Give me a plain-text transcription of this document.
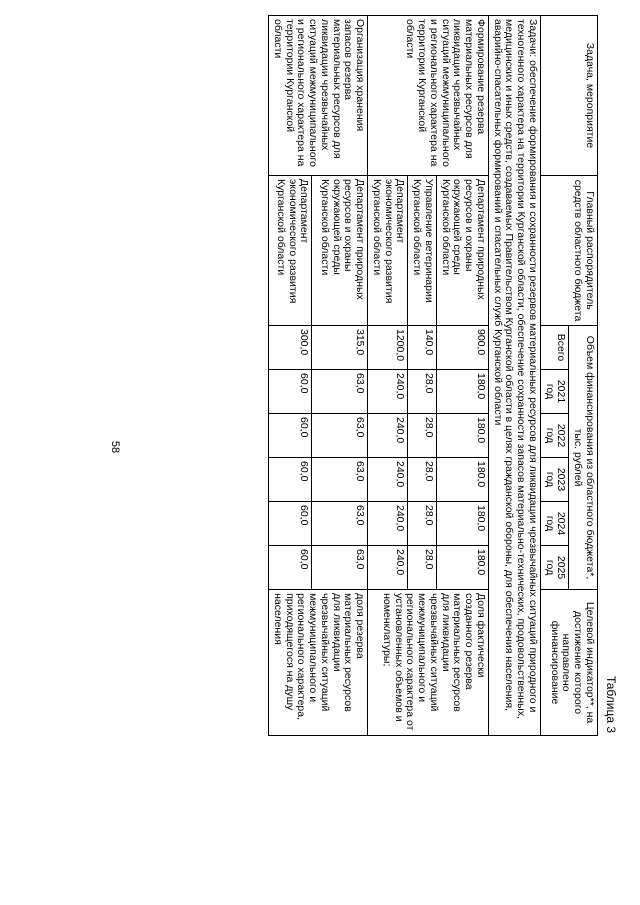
58
Таблица 3
Задача, мероприятие	Главный распорядитель средств областного бюджета	Объем финансирования из областного бюджета*, тыс. рублей						Целевой индикатор**, на достижение которого направлено финансирование
		Всего	2021 год	2022 год	2023 год	2024 год	2025 год	
Задачи: обеспечение формирования и сохранности резервов материальных ресурсов для ликвидации чрезвычайных ситуаций природного и техногенного характера на территории Курганской области; обеспечение сохранности запасов материально-технических, продовольственных, медицинских и иных средств, создаваемых Правительством Курганской области в целях гражданской обороны, для обеспечения населения, аварийно-спасательных формирований и спасательных служб Курганской области								
Формирование резерва материальных ресурсов для ликвидации чрезвычайных ситуаций межмуниципального и регионального характера на территории Курганской области	Департамент природных ресурсов и охраны окружающей среды Курганской области	900,0	180,0	180,0	180,0	180,0	180,0	Доля фактически созданного резерва материальных ресурсов для ликвидации чрезвычайных ситуаций межмуниципального и регионального характера от установленных объемов и номенклатуры;
	Управление ветеринарии Курганской области	140,0	28,0	28,0	28,0	28,0	28,0	
	Департамент экономического развития Курганской области	1200,0	240,0	240,0	240,0	240,0	240,0	
Организация хранения запасов резерва материальных ресурсов для ликвидации чрезвычайных ситуаций межмуниципального и регионального характера на территории Курганской области	Департамент природных ресурсов и охраны окружающей среды Курганской области	315,0	63,0	63,0	63,0	63,0	63,0	доля резерва материальных ресурсов для ликвидации чрезвычайных ситуаций межмуниципального и регионального характера, приходящегося на душу населения
	Департамент экономического развития Курганской области	300,0	60,0	60,0	60,0	60,0	60,0	
